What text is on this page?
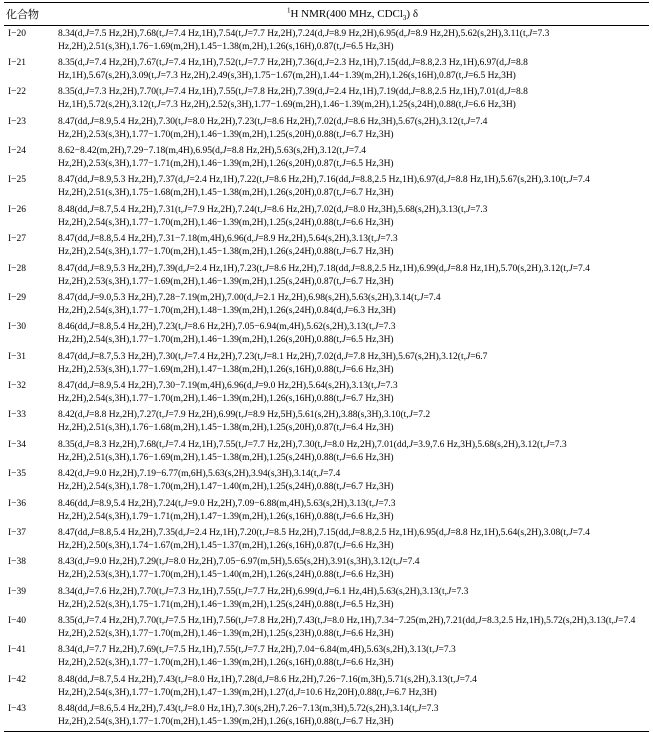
化合物	$^1$H NMR(400 MHz, CDCl$_3$) δ
I−20	8.34(d,J=7.5 Hz,2H),7.68(t,J=7.4 Hz,1H),7.54(t,J=7.7 Hz,2H),7.24(d,J=8.9 Hz,2H),6.95(d,J=8.9 Hz,2H),5.62(s,2H),3.11(t,J=7.3 Hz,2H),2.51(s,3H),1.76−1.69(m,2H),1.45−1.38(m,2H),1.26(s,16H),0.87(t,J=6.5 Hz,3H)
I−21	8.35(d,J=7.4 Hz,2H),7.67(t,J=7.4 Hz,1H),7.52(t,J=7.7 Hz,2H),7.36(d,J=2.3 Hz,1H),7.15(dd,J=8.8,2.3 Hz,1H),6.97(d,J=8.8 Hz,1H),5.67(s,2H),3.09(t,J=7.3 Hz,2H),2.49(s,3H),1.75−1.67(m,2H),1.44−1.39(m,2H),1.26(s,16H),0.87(t,J=6.5 Hz,3H)
I−22	8.35(d,J=7.3 Hz,2H),7.70(t,J=7.4 Hz,1H),7.55(t,J=7.8 Hz,2H),7.39(d,J=2.4 Hz,1H),7.19(dd,J=8.8,2.5 Hz,1H),7.01(d,J=8.8 Hz,1H),5.72(s,2H),3.12(t,J=7.3 Hz,2H),2.52(s,3H),1.77−1.69(m,2H),1.46−1.39(m,2H),1.25(s,24H),0.88(t,J=6.6 Hz,3H)
I−23	8.47(dd,J=8.9,5.4 Hz,2H),7.30(t,J=8.0 Hz,2H),7.23(t,J=8.6 Hz,2H),7.02(d,J=8.6 Hz,3H),5.67(s,2H),3.12(t,J=7.4 Hz,2H),2.53(s,3H),1.77−1.70(m,2H),1.46−1.39(m,2H),1.25(s,20H),0.88(t,J=6.7 Hz,3H)
I−24	8.62−8.42(m,2H),7.29−7.18(m,4H),6.95(d,J=8.8 Hz,2H),5.63(s,2H),3.12(t,J=7.4 Hz,2H),2.53(s,3H),1.77−1.71(m,2H),1.46−1.39(m,2H),1.26(s,20H),0.87(t,J=6.5 Hz,3H)
I−25	8.47(dd,J=8.9,5.3 Hz,2H),7.37(d,J=2.4 Hz,1H),7.22(t,J=8.6 Hz,2H),7.16(dd,J=8.8,2.5 Hz,1H),6.97(d,J=8.8 Hz,1H),5.67(s,2H),3.10(t,J=7.4 Hz,2H),2.51(s,3H),1.75−1.68(m,2H),1.45−1.38(m,2H),1.26(s,20H),0.87(t,J=6.7 Hz,3H)
I−26	8.48(dd,J=8.7,5.4 Hz,2H),7.31(t,J=7.9 Hz,2H),7.24(t,J=8.6 Hz,2H),7.02(d,J=8.0 Hz,3H),5.68(s,2H),3.13(t,J=7.3 Hz,2H),2.54(s,3H),1.77−1.70(m,2H),1.46−1.39(m,2H),1.25(s,24H),0.88(t,J=6.6 Hz,3H)
I−27	8.47(dd,J=8.8,5.4 Hz,2H),7.31−7.18(m,4H),6.96(d,J=8.9 Hz,2H),5.64(s,2H),3.13(t,J=7.3 Hz,2H),2.54(s,3H),1.77−1.70(m,2H),1.45−1.38(m,2H),1.26(s,24H),0.88(t,J=6.7 Hz,3H)
I−28	8.47(dd,J=8.9,5.3 Hz,2H),7.39(d,J=2.4 Hz,1H),7.23(t,J=8.6 Hz,2H),7.18(dd,J=8.8,2.5 Hz,1H),6.99(d,J=8.8 Hz,1H),5.70(s,2H),3.12(t,J=7.4 Hz,2H),2.53(s,3H),1.77−1.69(m,2H),1.46−1.39(m,2H),1.25(s,24H),0.87(t,J=6.7 Hz,3H)
I−29	8.47(dd,J=9.0,5.3 Hz,2H),7.28−7.19(m,2H),7.00(d,J=2.1 Hz,2H),6.98(s,2H),5.63(s,2H),3.14(t,J=7.4 Hz,2H),2.54(s,3H),1.77−1.70(m,2H),1.48−1.39(m,2H),1.26(s,24H),0.84(d,J=6.3 Hz,3H)
I−30	8.46(dd,J=8.8,5.4 Hz,2H),7.23(t,J=8.6 Hz,2H),7.05−6.94(m,4H),5.62(s,2H),3.13(t,J=7.3 Hz,2H),2.54(s,3H),1.77−1.70(m,2H),1.46−1.39(m,2H),1.26(s,20H),0.88(t,J=6.5 Hz,3H)
I−31	8.47(dd,J=8.7,5.3 Hz,2H),7.30(t,J=7.4 Hz,2H),7.23(t,J=8.1 Hz,2H),7.02(d,J=7.8 Hz,3H),5.67(s,2H),3.12(t,J=6.7 Hz,2H),2.53(s,3H),1.77−1.69(m,2H),1.47−1.38(m,2H),1.26(s,16H),0.88(t,J=6.6 Hz,3H)
I−32	8.47(dd,J=8.9,5.4 Hz,2H),7.30−7.19(m,4H),6.96(d,J=9.0 Hz,2H),5.64(s,2H),3.13(t,J=7.3 Hz,2H),2.54(s,3H),1.77−1.70(m,2H),1.46−1.39(m,2H),1.26(s,16H),0.88(t,J=6.7 Hz,3H)
I−33	8.42(d,J=8.8 Hz,2H),7.27(t,J=7.9 Hz,2H),6.99(t,J=8.9 Hz,5H),5.61(s,2H),3.88(s,3H),3.10(t,J=7.2 Hz,2H),2.51(s,3H),1.76−1.68(m,2H),1.45−1.38(m,2H),1.25(s,20H),0.87(t,J=6.4 Hz,3H)
I−34	8.35(d,J=8.3 Hz,2H),7.68(t,J=7.4 Hz,1H),7.55(t,J=7.7 Hz,2H),7.30(t,J=8.0 Hz,2H),7.01(dd,J=3.9,7.6 Hz,3H),5.68(s,2H),3.12(t,J=7.3 Hz,2H),2.51(s,3H),1.76−1.69(m,2H),1.45−1.38(m,2H),1.25(s,24H),0.88(t,J=6.6 Hz,3H)
I−35	8.42(d,J=9.0 Hz,2H),7.19−6.77(m,6H),5.63(s,2H),3.94(s,3H),3.14(t,J=7.4 Hz,2H),2.54(s,3H),1.78−1.70(m,2H),1.47−1.40(m,2H),1.25(s,24H),0.88(t,J=6.7 Hz,3H)
I−36	8.46(dd,J=8.9,5.4 Hz,2H),7.24(t,J=9.0 Hz,2H),7.09−6.88(m,4H),5.63(s,2H),3.13(t,J=7.3 Hz,2H),2.54(s,3H),1.79−1.71(m,2H),1.47−1.39(m,2H),1.26(s,16H),0.88(t,J=6.6 Hz,3H)
I−37	8.47(dd,J=8.8,5.4 Hz,2H),7.35(d,J=2.4 Hz,1H),7.20(t,J=8.5 Hz,2H),7.15(dd,J=8.8,2.5 Hz,1H),6.95(d,J=8.8 Hz,1H),5.64(s,2H),3.08(t,J=7.4 Hz,2H),2.50(s,3H),1.74−1.67(m,2H),1.45−1.37(m,2H),1.26(s,16H),0.87(t,J=6.6 Hz,3H)
I−38	8.43(d,J=9.0 Hz,2H),7.29(t,J=8.0 Hz,2H),7.05−6.97(m,5H),5.65(s,2H),3.91(s,3H),3.12(t,J=7.4 Hz,2H),2.53(s,3H),1.77−1.70(m,2H),1.45−1.40(m,2H),1.26(s,24H),0.88(t,J=6.6 Hz,3H)
I−39	8.34(d,J=7.6 Hz,2H),7.70(t,J=7.3 Hz,1H),7.55(t,J=7.7 Hz,2H),6.99(d,J=6.1 Hz,4H),5.63(s,2H),3.13(t,J=7.3 Hz,2H),2.52(s,3H),1.75−1.71(m,2H),1.46−1.39(m,2H),1.25(s,24H),0.88(t,J=6.5 Hz,3H)
I−40	8.35(d,J=7.4 Hz,2H),7.70(t,J=7.5 Hz,1H),7.56(t,J=7.8 Hz,2H),7.43(t,J=8.0 Hz,1H),7.34−7.25(m,2H),7.21(dd,J=8.3,2.5 Hz,1H),5.72(s,2H),3.13(t,J=7.4 Hz,2H),2.52(s,3H),1.77−1.70(m,2H),1.46−1.39(m,2H),1.25(s,23H),0.88(t,J=6.6 Hz,3H)
I−41	8.34(d,J=7.7 Hz,2H),7.69(t,J=7.5 Hz,1H),7.55(t,J=7.7 Hz,2H),7.04−6.84(m,4H),5.63(s,2H),3.13(t,J=7.3 Hz,2H),2.52(s,3H),1.77−1.70(m,2H),1.46−1.39(m,2H),1.26(s,16H),0.88(t,J=6.6 Hz,3H)
I−42	8.48(dd,J=8.7,5.4 Hz,2H),7.43(t,J=8.0 Hz,1H),7.28(d,J=8.6 Hz,2H),7.26−7.16(m,3H),5.71(s,2H),3.13(t,J=7.4 Hz,2H),2.54(s,3H),1.77−1.70(m,2H),1.47−1.39(m,2H),1.27(d,J=10.6 Hz,20H),0.88(t,J=6.7 Hz,3H)
I−43	8.48(dd,J=8.6,5.4 Hz,2H),7.43(t,J=8.0 Hz,1H),7.30(s,2H),7.26−7.13(m,3H),5.72(s,2H),3.14(t,J=7.3 Hz,2H),2.54(s,3H),1.77−1.70(m,2H),1.45−1.39(m,2H),1.26(s,16H),0.88(t,J=6.7 Hz,3H)
